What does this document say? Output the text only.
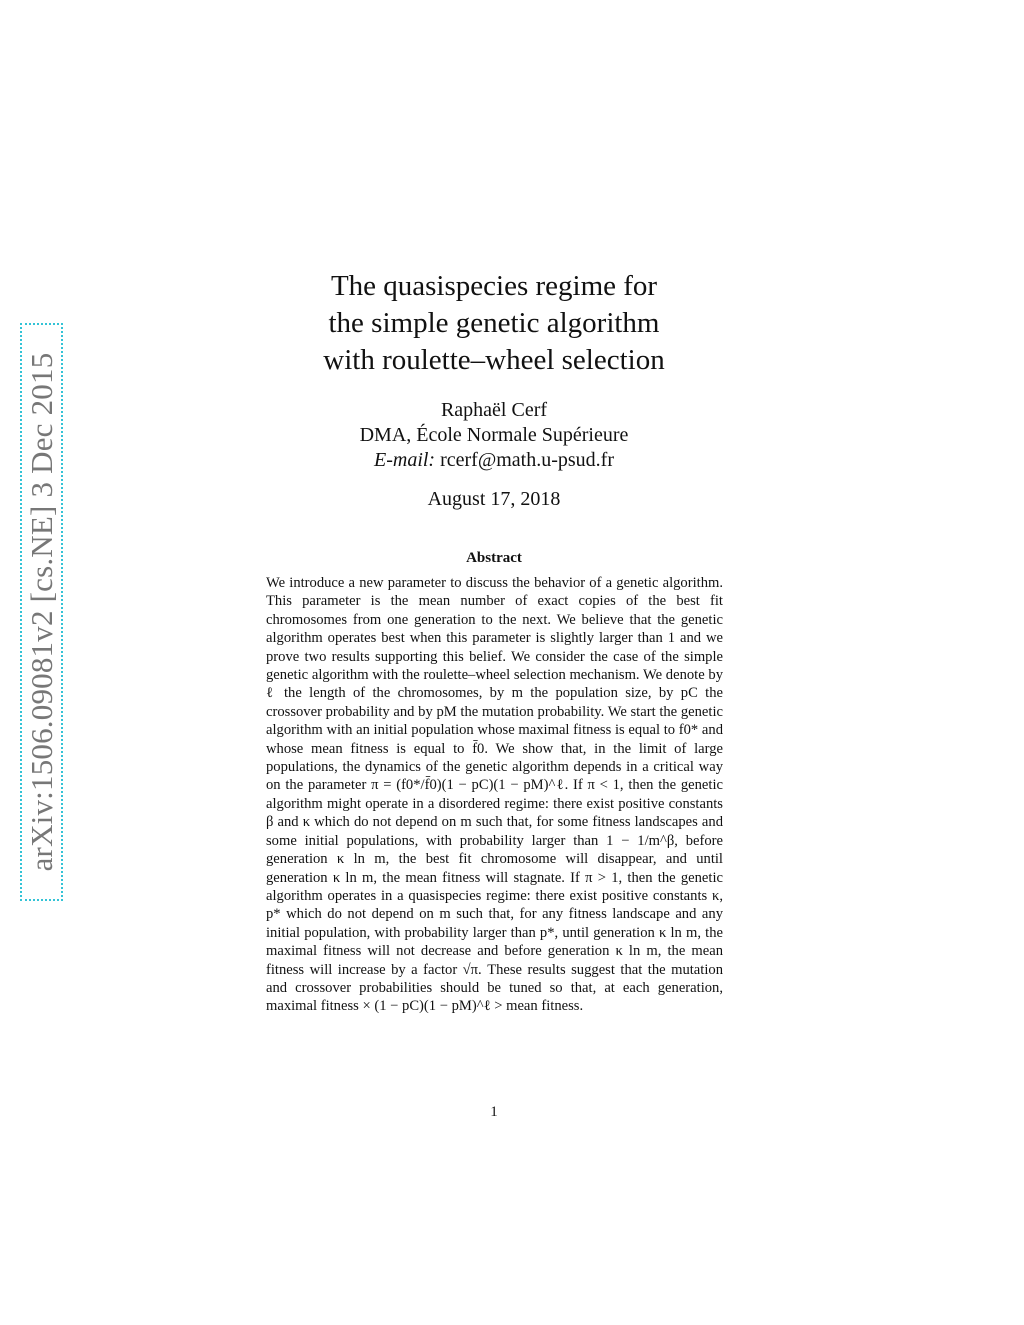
arXiv:1506.09081v2 [cs.NE] 3 Dec 2015
The quasispecies regime for
the simple genetic algorithm
with roulette–wheel selection
Raphaël Cerf
DMA, École Normale Supérieure
E-mail: rcerf@math.u-psud.fr
August 17, 2018
Abstract
We introduce a new parameter to discuss the behavior of a genetic algorithm. This parameter is the mean number of exact copies of the best fit chromosomes from one generation to the next. We believe that the genetic algorithm operates best when this parameter is slightly larger than 1 and we prove two results supporting this belief. We consider the case of the simple genetic algorithm with the roulette–wheel selection mechanism. We denote by ℓ the length of the chromosomes, by m the population size, by pC the crossover probability and by pM the mutation probability. We start the genetic algorithm with an initial population whose maximal fitness is equal to f0* and whose mean fitness is equal to f̄0. We show that, in the limit of large populations, the dynamics of the genetic algorithm depends in a critical way on the parameter π = (f0*/f̄0)(1 − pC)(1 − pM)^ℓ. If π < 1, then the genetic algorithm might operate in a disordered regime: there exist positive constants β and κ which do not depend on m such that, for some fitness landscapes and some initial populations, with probability larger than 1 − 1/m^β, before generation κ ln m, the best fit chromosome will disappear, and until generation κ ln m, the mean fitness will stagnate. If π > 1, then the genetic algorithm operates in a quasispecies regime: there exist positive constants κ, p* which do not depend on m such that, for any fitness landscape and any initial population, with probability larger than p*, until generation κ ln m, the maximal fitness will not decrease and before generation κ ln m, the mean fitness will increase by a factor √π. These results suggest that the mutation and crossover probabilities should be tuned so that, at each generation, maximal fitness × (1 − pC)(1 − pM)^ℓ > mean fitness.
1
